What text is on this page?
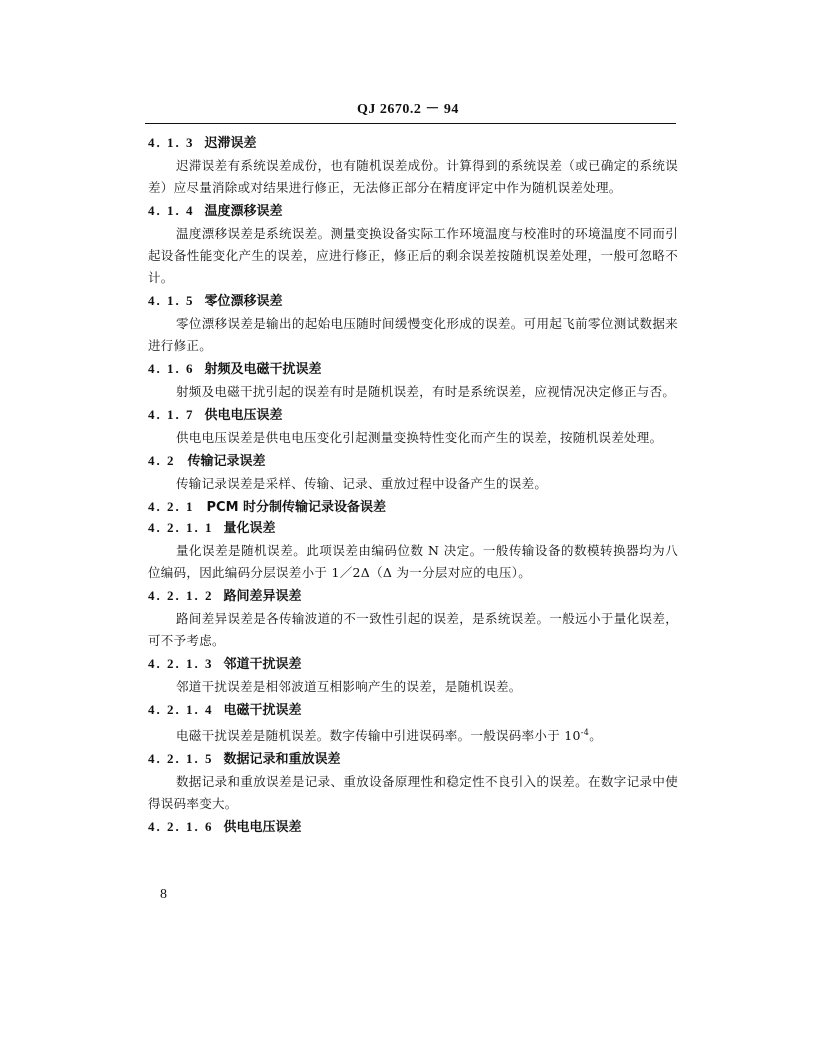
QJ 2670.2 － 94
4. 1. 3 迟滞误差
迟滞误差有系统误差成份，也有随机误差成份。计算得到的系统误差（或已确定的系统误差）应尽量消除或对结果进行修正，无法修正部分在精度评定中作为随机误差处理。
4. 1. 4 温度漂移误差
温度漂移误差是系统误差。测量变换设备实际工作环境温度与校准时的环境温度不同而引起设备性能变化产生的误差，应进行修正，修正后的剩余误差按随机误差处理，一般可忽略不计。
4. 1. 5 零位漂移误差
零位漂移误差是输出的起始电压随时间缓慢变化形成的误差。可用起飞前零位测试数据来进行修正。
4. 1. 6 射频及电磁干扰误差
射频及电磁干扰引起的误差有时是随机误差，有时是系统误差，应视情况决定修正与否。
4. 1. 7 供电电压误差
供电电压误差是供电电压变化引起测量变换特性变化而产生的误差，按随机误差处理。
4. 2 传输记录误差
传输记录误差是采样、传输、记录、重放过程中设备产生的误差。
4. 2. 1 PCM 时分制传输记录设备误差
4. 2. 1. 1 量化误差
量化误差是随机误差。此项误差由编码位数 N 决定。一般传输设备的数模转换器均为八位编码，因此编码分层误差小于 1／2Δ（Δ 为一分层对应的电压）。
4. 2. 1. 2 路间差异误差
路间差异误差是各传输波道的不一致性引起的误差，是系统误差。一般远小于量化误差，可不予考虑。
4. 2. 1. 3 邻道干扰误差
邻道干扰误差是相邻波道互相影响产生的误差，是随机误差。
4. 2. 1. 4 电磁干扰误差
电磁干扰误差是随机误差。数字传输中引进误码率。一般误码率小于 $10^{-4}$。
4. 2. 1. 5 数据记录和重放误差
数据记录和重放误差是记录、重放设备原理性和稳定性不良引入的误差。在数字记录中使得误码率变大。
4. 2. 1. 6 供电电压误差
8
